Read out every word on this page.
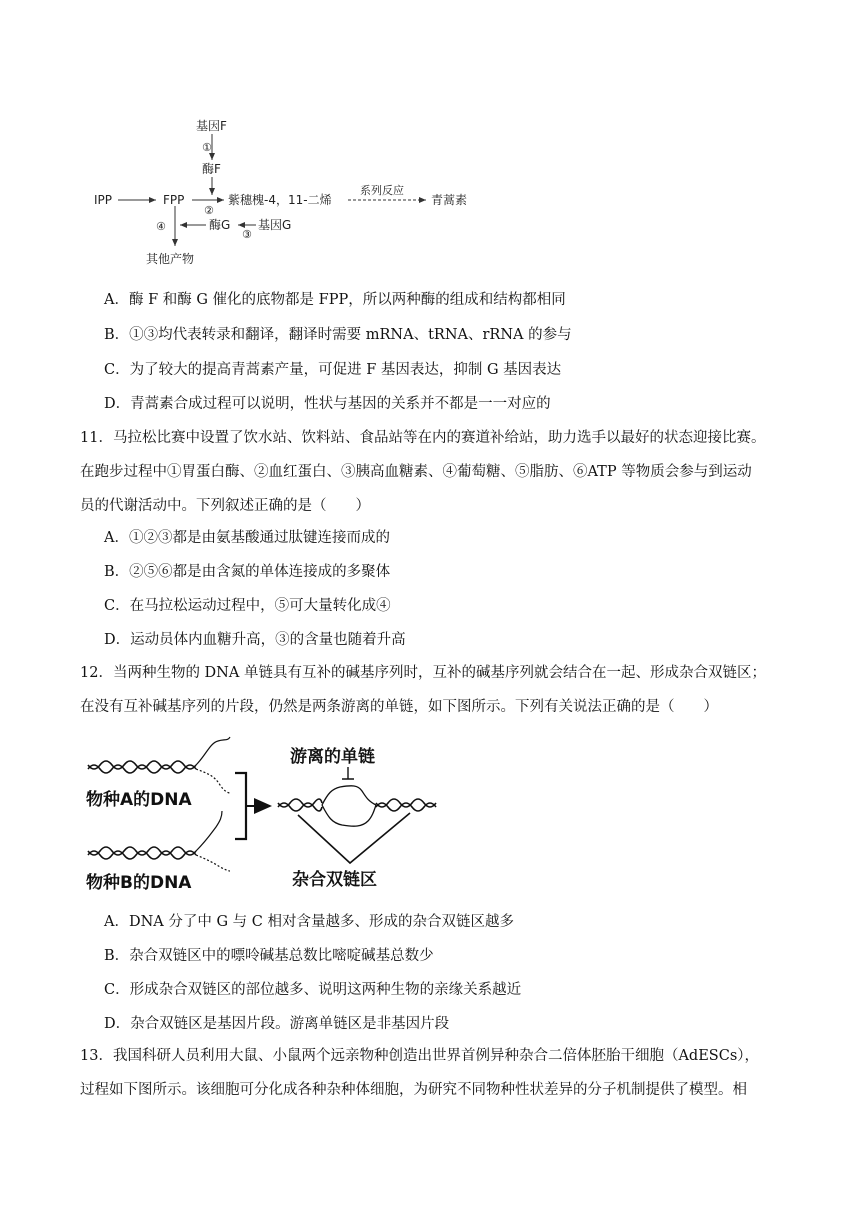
基因F
①
酶F
IPP	FPP
②
紫穗槐-4，11-二烯
系列反应
青蒿素
④	酶G
③
基因G
其他产物
A．酶 F 和酶 G 催化的底物都是 FPP，所以两种酶的组成和结构都相同
B．①③均代表转录和翻译，翻译时需要 mRNA、tRNA、rRNA 的参与
C．为了较大的提高青蒿素产量，可促进 F 基因表达，抑制 G 基因表达
D．青蒿素合成过程可以说明，性状与基因的关系并不都是一一对应的
11．马拉松比赛中设置了饮水站、饮料站、食品站等在内的赛道补给站，助力选手以最好的状态迎接比赛。
在跑步过程中①胃蛋白酶、②血红蛋白、③胰高血糖素、④葡萄糖、⑤脂肪、⑥ATP 等物质会参与到运动
员的代谢活动中。下列叙述正确的是（　　）
A．①②③都是由氨基酸通过肽键连接而成的
B．②⑤⑥都是由含氮的单体连接成的多聚体
C．在马拉松运动过程中，⑤可大量转化成④
D．运动员体内血糖升高，③的含量也随着升高
12．当两种生物的 DNA 单链具有互补的碱基序列时，互补的碱基序列就会结合在一起、形成杂合双链区；
在没有互补碱基序列的片段，仍然是两条游离的单链，如下图所示。下列有关说法正确的是（　　）
物种A的DNA
物种B的DNA
游离的单链
杂合双链区
A．DNA 分了中 G 与 C 相对含量越多、形成的杂合双链区越多
B．杂合双链区中的嘌呤碱基总数比嘧啶碱基总数少
C．形成杂合双链区的部位越多、说明这两种生物的亲缘关系越近
D．杂合双链区是基因片段。游离单链区是非基因片段
13．我国科研人员利用大鼠、小鼠两个远亲物种创造出世界首例异种杂合二倍体胚胎干细胞（AdESCs），
过程如下图所示。该细胞可分化成各种杂种体细胞，为研究不同物种性状差异的分子机制提供了模型。相
